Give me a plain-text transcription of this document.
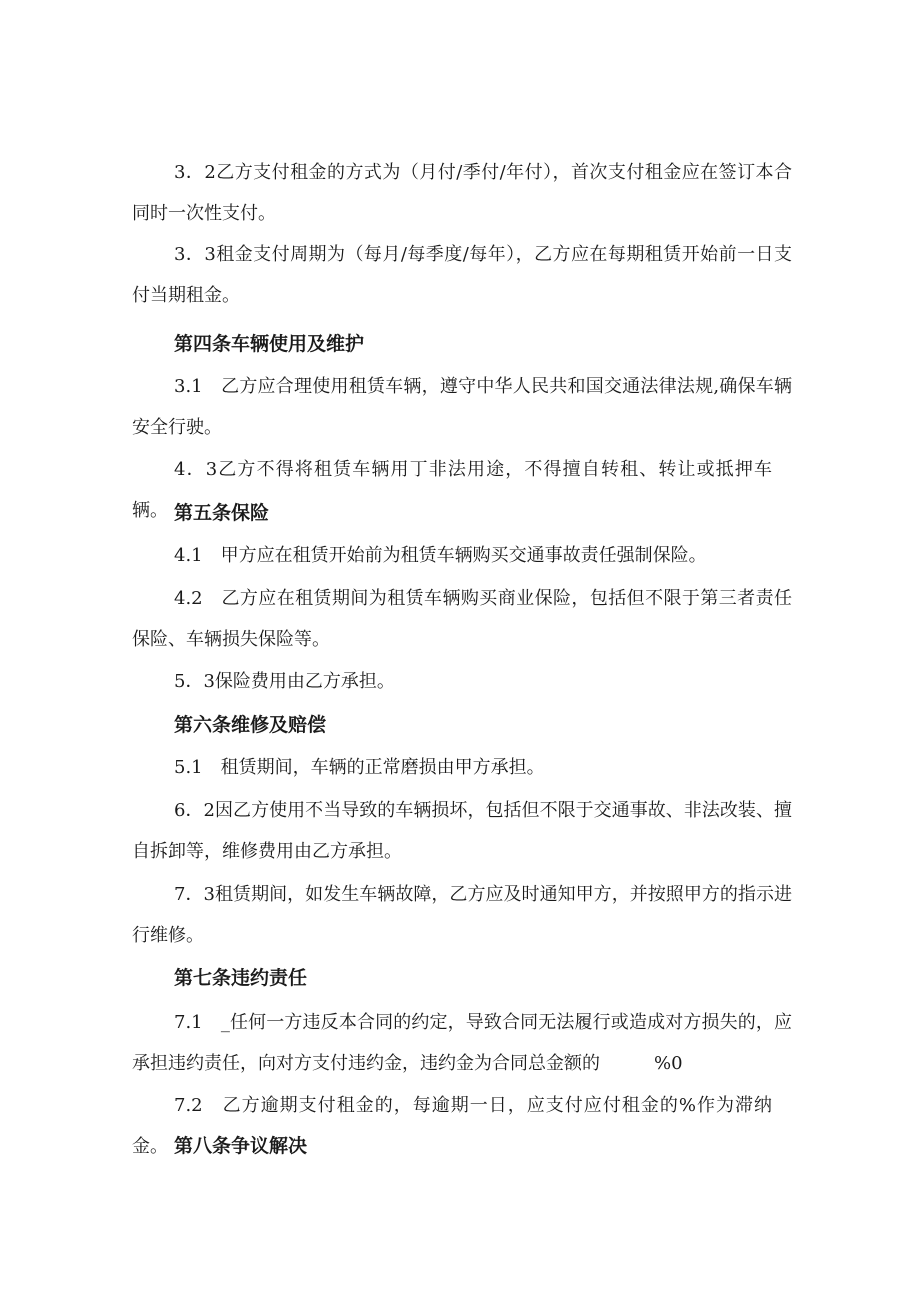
3．2乙方支付租金的方式为（月付/季付/年付），首次支付租金应在签订本合同时一次性支付。

3．3租金支付周期为（每月/每季度/每年），乙方应在每期租赁开始前一日支付当期租金。

第四条车辆使用及维护

3.1　乙方应合理使用租赁车辆，遵守中华人民共和国交通法律法规,确保车辆安全行驶。

4．3乙方不得将租赁车辆用丁非法用途，不得擅自转租、转让或抵押车辆。 第五条保险

4.1　甲方应在租赁开始前为租赁车辆购买交通事故责任强制保险。

4.2　乙方应在租赁期间为租赁车辆购买商业保险，包括但不限于第三者责任保险、车辆损失保险等。

5．3保险费用由乙方承担。

第六条维修及赔偿

5.1　租赁期间，车辆的正常磨损由甲方承担。

6．2因乙方使用不当导致的车辆损坏，包括但不限于交通事故、非法改装、擅自拆卸等，维修费用由乙方承担。

7．3租赁期间，如发生车辆故障，乙方应及时通知甲方，并按照甲方的指示进行维修。

第七条违约责任

7.1　_任何一方违反本合同的约定，导致合同无法履行或造成对方损失的，应承担违约责任，向对方支付违约金，违约金为合同总金额的　　　%0

7.2　乙方逾期支付租金的，每逾期一日，应支付应付租金的%作为滞纳金。 第八条争议解决
